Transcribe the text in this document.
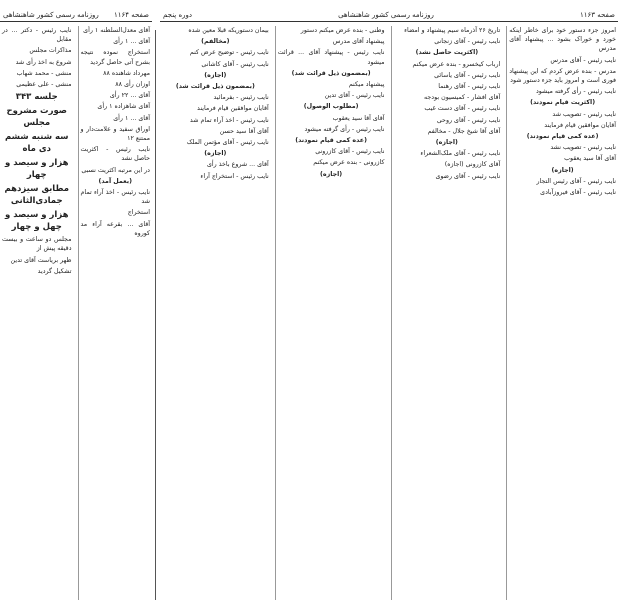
صفحه ۱۱۶۴
روزنامه رسمی کشور شاهنشاهی

آقای معدل‌السلطنه ۱ رأی

آقای ... ۱ رأی

استخراج نموده نتیجه بشرح آتی حاصل گردید

مهرداد شاهنده ۸۸

اوزان رأی ۸۸

آقای ... ۲۲ رأی

آقای شاهزاده ۱ رأی

آقای ... ۱ رأی

اوراق سفید و علامت‌دار و ممتنع ۱۲

نایب رئیس - اکثریت حاصل نشد

در این مرتبه اکثریت نسبی

(بعمل آمد)

نایب رئیس - اخذ آراء تمام شد

استخراج

آقای ... بقرعه آراء مد کوروه

نایب رئیس - دکتر ... در مقابل

مذاکرات مجلس

شروع به اخذ رأی شد

منشی - محمد شهاب

منشی - علی عظیمی

جلسه ۳۴۳

صورت مشروح مجلس

سه شنبه ششم دی ماه

هزار و سیصد و چهار

مطابق سیزدهم جمادی‌الثانی

هزار و سیصد و چهل و چهار

مجلس دو ساعت و بیست دقیقه پیش از

ظهر بریاست آقای تدین

تشکیل گردید

صفحه ۱۱۶۳
روزنامه رسمی کشور شاهنشاهی
دوره پنجم

امروز جزء دستور خود برای خاطر اینکه خورد و خوراک بشود ... پیشنهاد آقای مدرس

نایب رئیس - آقای مدرس

مدرس - بنده عرض کردم که این پیشنهاد فوری است و امروز باید جزء دستور شود

نایب رئیس - رأی گرفته میشود

(اکثریت قیام نمودند)

نایب رئیس - تصویب شد

آقایان موافقین قیام فرمایند

(عده کمی قیام نمودند)

نایب رئیس - تصویب نشد

آقای آقا سید یعقوب

(اجازه)

نایب رئیس - آقای رئیس التجار

نایب رئیس - آقای فیروزآبادی

تاریخ ۲۶ آذرماه سیم پیشنهاد و امضاء

نایب رئیس - آقای زنجانی

(اکثریت حاصل نشد)

ارباب کیخسرو - بنده عرض میکنم

نایب رئیس - آقای یاسائی

نایب رئیس - آقای رهنما

آقای افشار - کمیسیون بودجه

نایب رئیس - آقای دست غیب

نایب رئیس - آقای روحی

آقای آقا شیخ جلال - مخالفم

(اجازه)

نایب رئیس - آقای ملک‌الشعراء

آقای کازرونی (اجازه)

نایب رئیس - آقای رضوی

وطنی - بنده عرض میکنم دستور

پیشنهاد آقای مدرس

نایب رئیس - پیشنهاد آقای ... قرائت میشود

(بمضمون ذیل قرائت شد)

پیشنهاد میکنم

نایب رئیس - آقای تدین

(مطلوب الوصول)

آقای آقا سید یعقوب

نایب رئیس - رأی گرفته میشود

(عده کمی قیام نمودند)

نایب رئیس - آقای کازرونی

کازرونی - بنده عرض میکنم

(اجازه)

بیمان دستوریکه قبلا معین شده

(مخالفم)

نایب رئیس - توضیح عرض کنم

نایب رئیس - آقای کاشانی

(اجازه)

(بمضمون ذیل قرائت شد)

نایب رئیس - بفرمائید

آقایان موافقین قیام فرمایند

نایب رئیس - اخذ آراء تمام شد

آقای آقا سید حسن

نایب رئیس - آقای مؤتمن الملک

(اجازه)

آقای ... شروع باخذ رأی

نایب رئیس - استخراج آراء
